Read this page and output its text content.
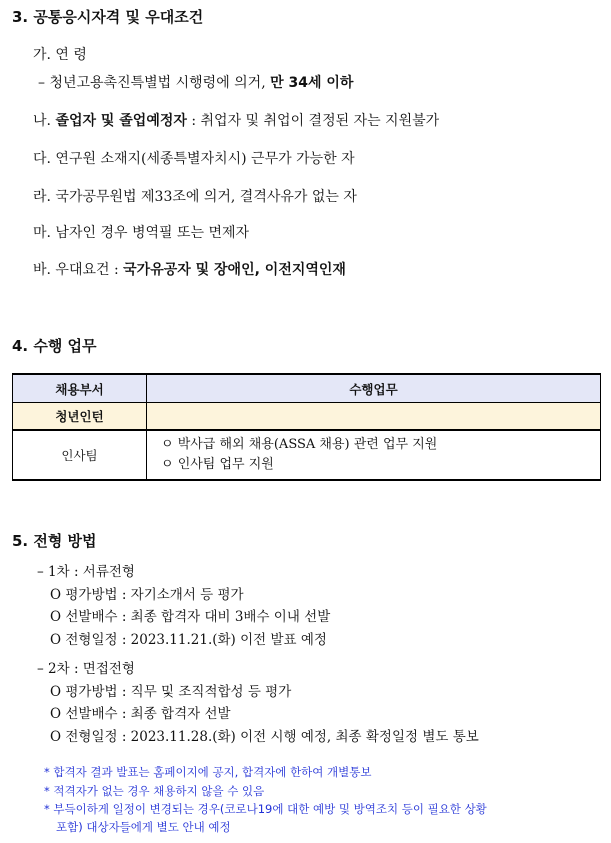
3. 공통응시자격 및 우대조건
가. 연 령
– 청년고용촉진특별법 시행령에 의거, 만 34세 이하
나. 졸업자 및 졸업예정자 : 취업자 및 취업이 결정된 자는 지원불가
다. 연구원 소재지(세종특별자치시) 근무가 가능한 자
라. 국가공무원법 제33조에 의거, 결격사유가 없는 자
마. 남자인 경우 병역필 또는 면제자
바. 우대요건 : 국가유공자 및 장애인, 이전지역인재
4. 수행 업무
채용부서	수행업무
청년인턴	
인사팀	ㅇ 박사급 해외 채용(ASSA 채용) 관련 업무 지원
ㅇ 인사팀 업무 지원
5. 전형 방법
– 1차 : 서류전형
O 평가방법 : 자기소개서 등 평가
O 선발배수 : 최종 합격자 대비 3배수 이내 선발
O 전형일정 : 2023.11.21.(화) 이전 발표 예정
– 2차 : 면접전형
O 평가방법 : 직무 및 조직적합성 등 평가
O 선발배수 : 최종 합격자 선발
O 전형일정 : 2023.11.28.(화) 이전 시행 예정, 최종 확정일정 별도 통보
* 합격자 결과 발표는 홈페이지에 공지, 합격자에 한하여 개별통보
* 적격자가 없는 경우 채용하지 않을 수 있음
* 부득이하게 일정이 변경되는 경우(코로나19에 대한 예방 및 방역조치 등이 필요한 상황
포함) 대상자들에게 별도 안내 예정
